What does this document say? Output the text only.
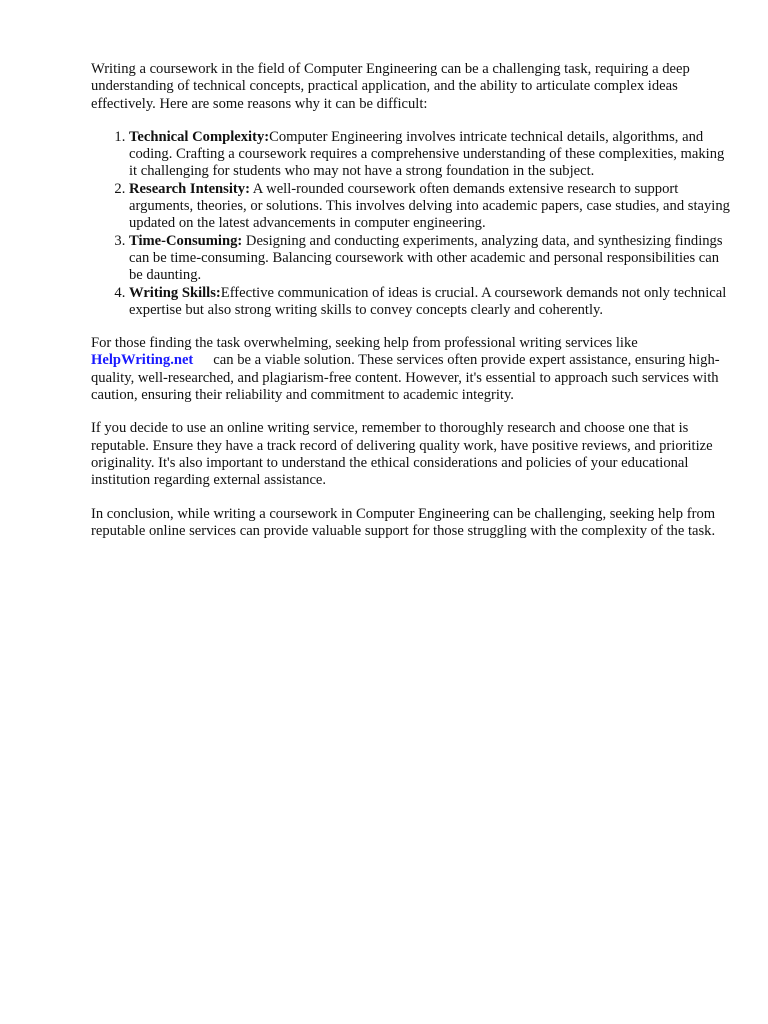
Writing a coursework in the field of Computer Engineering can be a challenging task, requiring a deep understanding of technical concepts, practical application, and the ability to articulate complex ideas effectively. Here are some reasons why it can be difficult:

1. Technical Complexity:Computer Engineering involves intricate technical details, algorithms, and coding. Crafting a coursework requires a comprehensive understanding of these complexities, making it challenging for students who may not have a strong foundation in the subject.
2. Research Intensity: A well-rounded coursework often demands extensive research to support arguments, theories, or solutions. This involves delving into academic papers, case studies, and staying updated on the latest advancements in computer engineering.
3. Time-Consuming: Designing and conducting experiments, analyzing data, and synthesizing findings can be time-consuming. Balancing coursework with other academic and personal responsibilities can be daunting.
4. Writing Skills:Effective communication of ideas is crucial. A coursework demands not only technical expertise but also strong writing skills to convey concepts clearly and coherently.

For those finding the task overwhelming, seeking help from professional writing services like HelpWriting.net can be a viable solution. These services often provide expert assistance, ensuring high-quality, well-researched, and plagiarism-free content. However, it's essential to approach such services with caution, ensuring their reliability and commitment to academic integrity.

If you decide to use an online writing service, remember to thoroughly research and choose one that is reputable. Ensure they have a track record of delivering quality work, have positive reviews, and prioritize originality. It's also important to understand the ethical considerations and policies of your educational institution regarding external assistance.

In conclusion, while writing a coursework in Computer Engineering can be challenging, seeking help from reputable online services can provide valuable support for those struggling with the complexity of the task.
